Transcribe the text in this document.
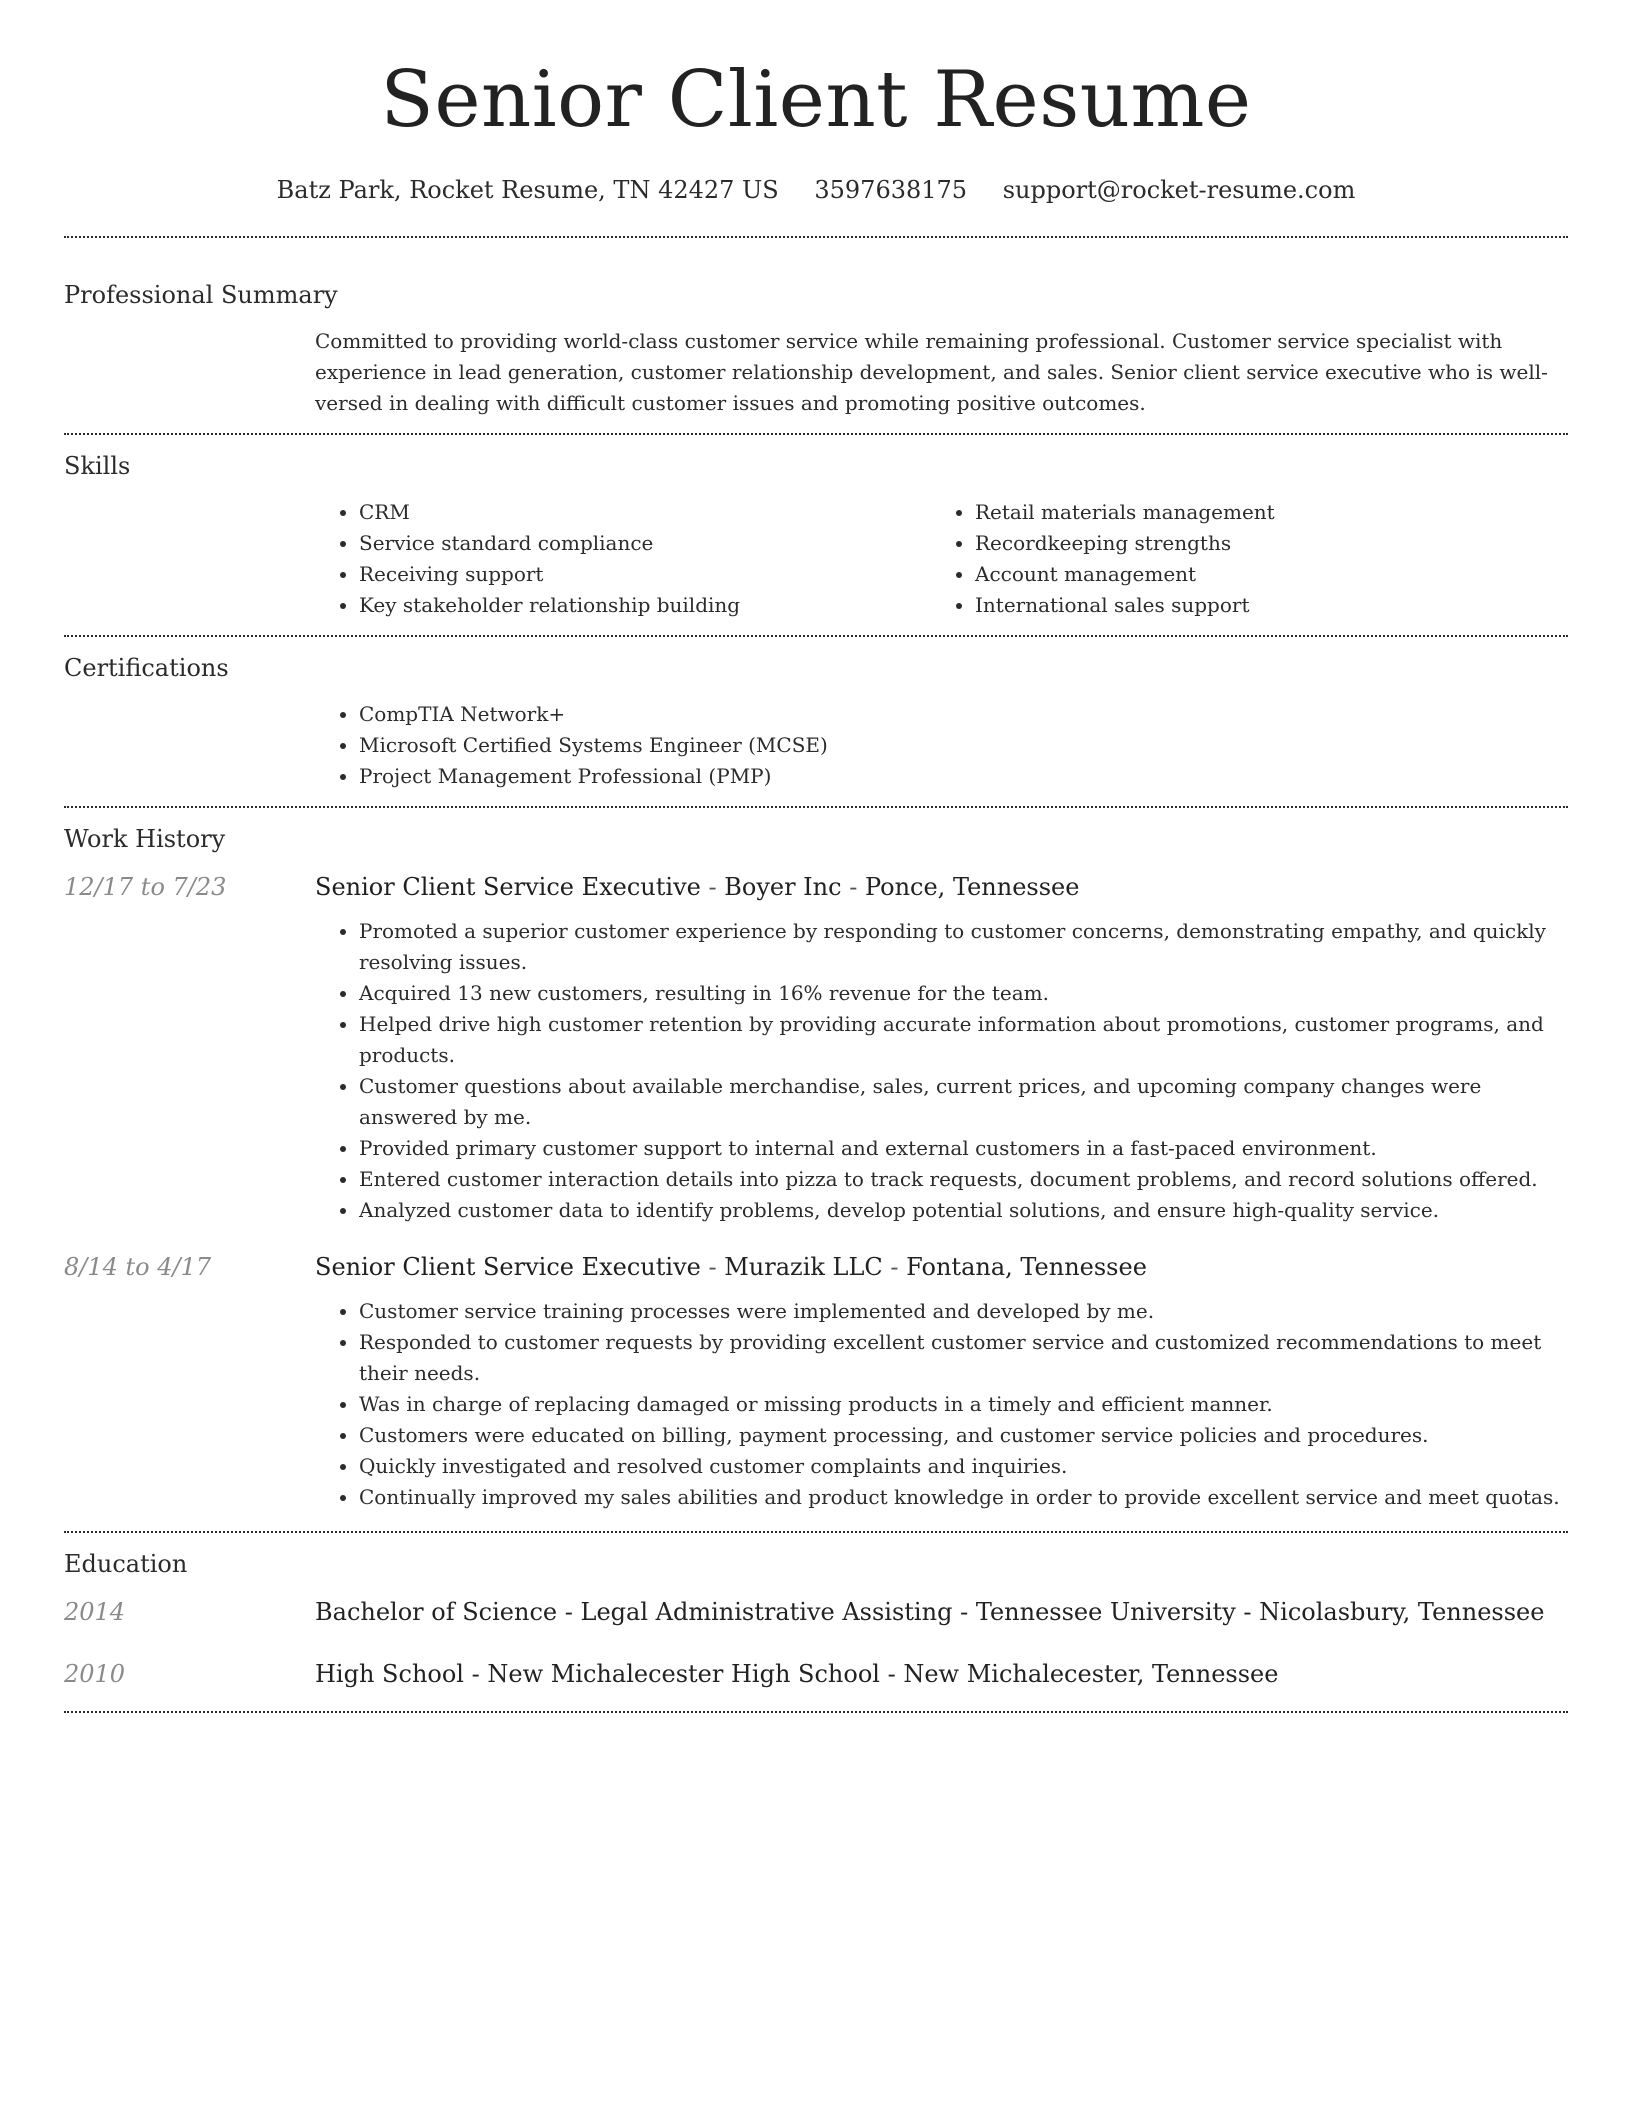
Senior Client Resume
Batz Park, Rocket Resume, TN 42427 US 3597638175 support@rocket-resume.com
Professional Summary

Committed to providing world-class customer service while remaining professional. Customer service specialist with experience in lead generation, customer relationship development, and sales. Senior client service executive who is well-versed in dealing with difficult customer issues and promoting positive outcomes.

Skills
• CRM
• Service standard compliance
• Receiving support
• Key stakeholder relationship building
• Retail materials management
• Recordkeeping strengths
• Account management
• International sales support
Certifications
• CompTIA Network+
• Microsoft Certified Systems Engineer (MCSE)
• Project Management Professional (PMP)
Work History
12/17 to 7/23	Senior Client Service Executive - Boyer Inc - Ponce, Tennessee
• Promoted a superior customer experience by responding to customer concerns, demonstrating empathy, and quickly resolving issues.
• Acquired 13 new customers, resulting in 16% revenue for the team.
• Helped drive high customer retention by providing accurate information about promotions, customer programs, and products.
• Customer questions about available merchandise, sales, current prices, and upcoming company changes were answered by me.
• Provided primary customer support to internal and external customers in a fast-paced environment.
• Entered customer interaction details into pizza to track requests, document problems, and record solutions offered.
• Analyzed customer data to identify problems, develop potential solutions, and ensure high-quality service.
8/14 to 4/17	Senior Client Service Executive - Murazik LLC - Fontana, Tennessee
• Customer service training processes were implemented and developed by me.
• Responded to customer requests by providing excellent customer service and customized recommendations to meet their needs.
• Was in charge of replacing damaged or missing products in a timely and efficient manner.
• Customers were educated on billing, payment processing, and customer service policies and procedures.
• Quickly investigated and resolved customer complaints and inquiries.
• Continually improved my sales abilities and product knowledge in order to provide excellent service and meet quotas.
Education
2014	Bachelor of Science - Legal Administrative Assisting - Tennessee University - Nicolasbury, Tennessee
2010	High School - New Michalecester High School - New Michalecester, Tennessee
